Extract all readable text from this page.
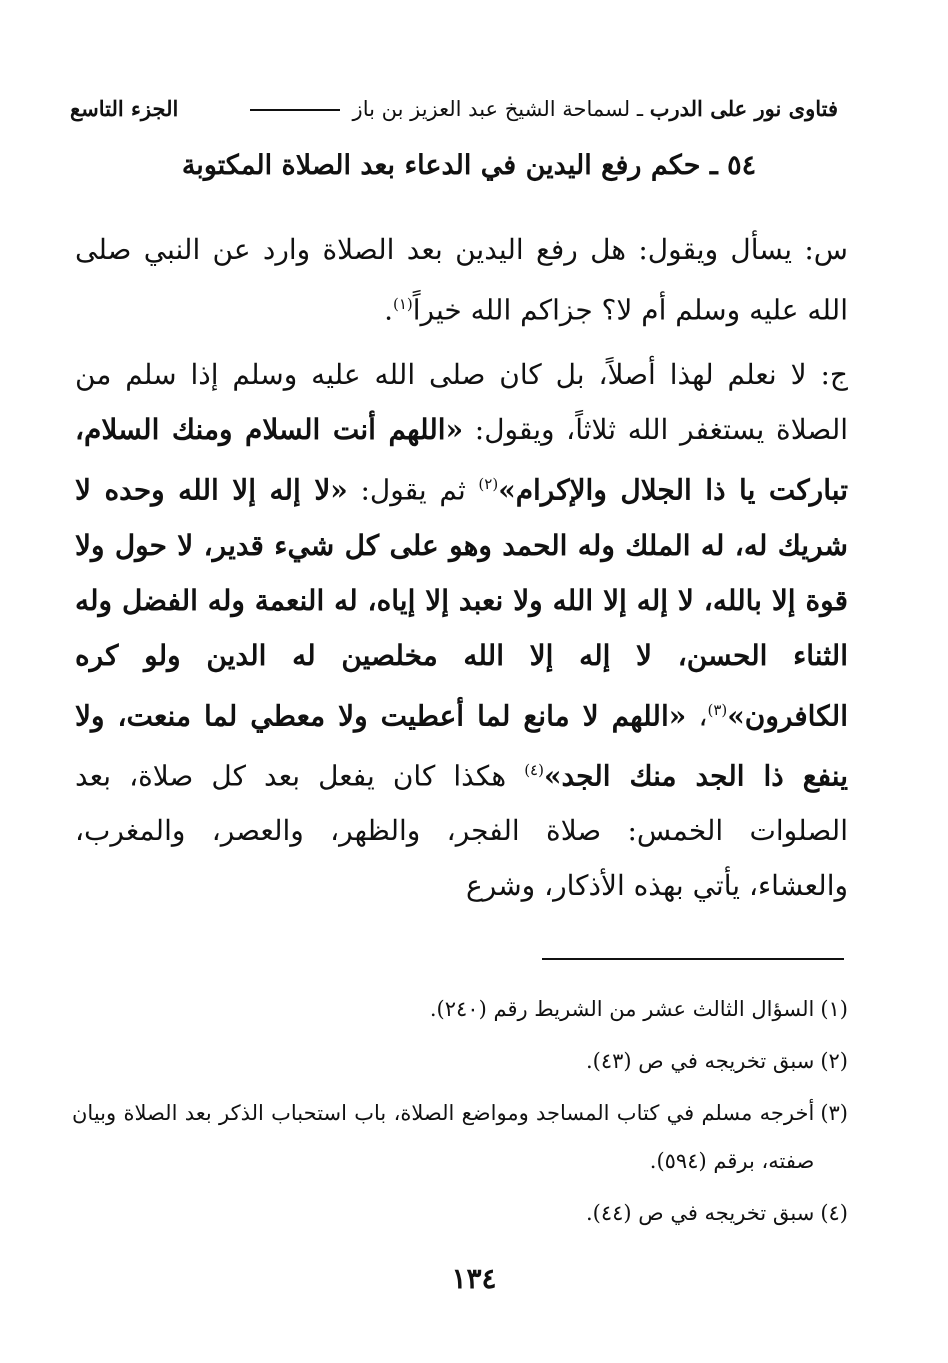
فتاوى نور على الدرب ـ لسماحة الشيخ عبد العزيز بن باز
الجزء التاسع
٥٤ ـ حكم رفع اليدين في الدعاء بعد الصلاة المكتوبة

س: يسأل ويقول: هل رفع اليدين بعد الصلاة وارد عن النبي صلى الله عليه وسلم أم لا؟ جزاكم الله خيراً$^{(١)}$.

ج: لا نعلم لهذا أصلاً، بل كان صلى الله عليه وسلم إذا سلم من الصلاة يستغفر الله ثلاثاً، ويقول: «اللهم أنت السلام ومنك السلام، تباركت يا ذا الجلال والإكرام»$^{(٢)}$ ثم يقول: «لا إله إلا الله وحده لا شريك له، له الملك وله الحمد وهو على كل شيء قدير، لا حول ولا قوة إلا بالله، لا إله إلا الله ولا نعبد إلا إياه، له النعمة وله الفضل وله الثناء الحسن، لا إله إلا الله مخلصين له الدين ولو كره الكافرون»$^{(٣)}$، «اللهم لا مانع لما أعطيت ولا معطي لما منعت، ولا ينفع ذا الجد منك الجد»$^{(٤)}$ هكذا كان يفعل بعد كل صلاة، بعد الصلوات الخمس: صلاة الفجر، والظهر، والعصر، والمغرب، والعشاء، يأتي بهذه الأذكار، وشرع

(١)
السؤال الثالث عشر من الشريط رقم (٢٤٠).
(٢)
سبق تخريجه في ص (٤٣).
(٣)
أخرجه مسلم في كتاب المساجد ومواضع الصلاة، باب استحباب الذكر بعد الصلاة وبيان صفته، برقم (٥٩٤).
(٤)
سبق تخريجه في ص (٤٤).
١٣٤
